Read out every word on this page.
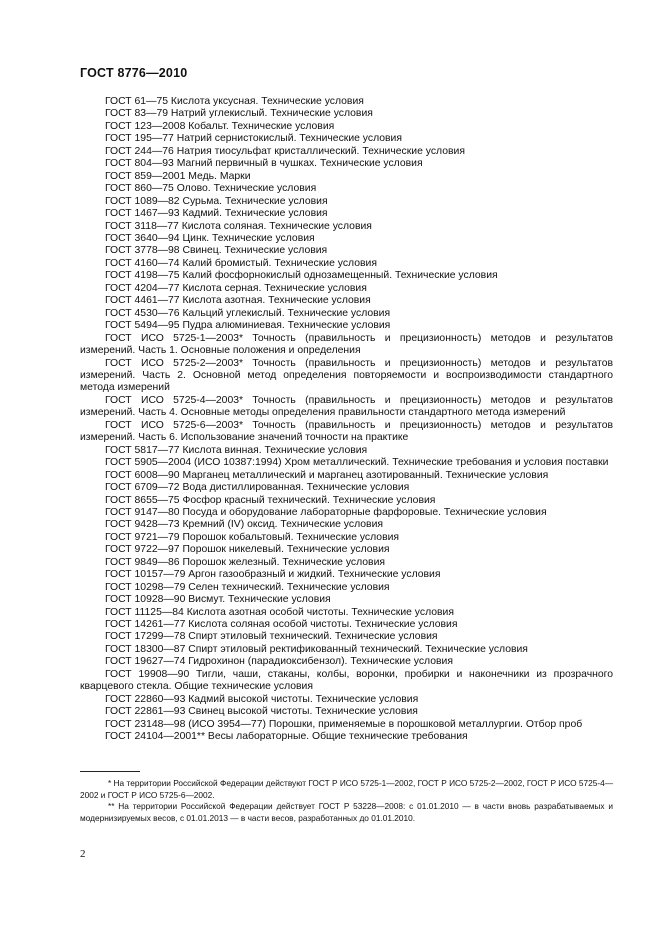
ГОСТ 8776—2010

ГОСТ 61—75 Кислота уксусная. Технические условия

ГОСТ 83—79 Натрий углекислый. Технические условия

ГОСТ 123—2008 Кобальт. Технические условия

ГОСТ 195—77 Натрий сернистокислый. Технические условия

ГОСТ 244—76 Натрия тиосульфат кристаллический. Технические условия

ГОСТ 804—93 Магний первичный в чушках. Технические условия

ГОСТ 859—2001 Медь. Марки

ГОСТ 860—75 Олово. Технические условия

ГОСТ 1089—82 Сурьма. Технические условия

ГОСТ 1467—93 Кадмий. Технические условия

ГОСТ 3118—77 Кислота соляная. Технические условия

ГОСТ 3640—94 Цинк. Технические условия

ГОСТ 3778—98 Свинец. Технические условия

ГОСТ 4160—74 Калий бромистый. Технические условия

ГОСТ 4198—75 Калий фосфорнокислый однозамещенный. Технические условия

ГОСТ 4204—77 Кислота серная. Технические условия

ГОСТ 4461—77 Кислота азотная. Технические условия

ГОСТ 4530—76 Кальций углекислый. Технические условия

ГОСТ 5494—95 Пудра алюминиевая. Технические условия

ГОСТ ИСО 5725-1—2003* Точность (правильность и прецизионность) методов и результатов измерений. Часть 1. Основные положения и определения

ГОСТ ИСО 5725-2—2003* Точность (правильность и прецизионность) методов и результатов измерений. Часть 2. Основной метод определения повторяемости и воспроизводимости стандартного метода измерений

ГОСТ ИСО 5725-4—2003* Точность (правильность и прецизионность) методов и результатов измерений. Часть 4. Основные методы определения правильности стандартного метода измерений

ГОСТ ИСО 5725-6—2003* Точность (правильность и прецизионность) методов и результатов измерений. Часть 6. Использование значений точности на практике

ГОСТ 5817—77 Кислота винная. Технические условия

ГОСТ 5905—2004 (ИСО 10387:1994) Хром металлический. Технические требования и условия поставки

ГОСТ 6008—90 Марганец металлический и марганец азотированный. Технические условия

ГОСТ 6709—72 Вода дистиллированная. Технические условия

ГОСТ 8655—75 Фосфор красный технический. Технические условия

ГОСТ 9147—80 Посуда и оборудование лабораторные фарфоровые. Технические условия

ГОСТ 9428—73 Кремний (IV) оксид. Технические условия

ГОСТ 9721—79 Порошок кобальтовый. Технические условия

ГОСТ 9722—97 Порошок никелевый. Технические условия

ГОСТ 9849—86 Порошок железный. Технические условия

ГОСТ 10157—79 Аргон газообразный и жидкий. Технические условия

ГОСТ 10298—79 Селен технический. Технические условия

ГОСТ 10928—90 Висмут. Технические условия

ГОСТ 11125—84 Кислота азотная особой чистоты. Технические условия

ГОСТ 14261—77 Кислота соляная особой чистоты. Технические условия

ГОСТ 17299—78 Спирт этиловый технический. Технические условия

ГОСТ 18300—87 Спирт этиловый ректификованный технический. Технические условия

ГОСТ 19627—74 Гидрохинон (парадиоксибензол). Технические условия

ГОСТ 19908—90 Тигли, чаши, стаканы, колбы, воронки, пробирки и наконечники из прозрачного кварцевого стекла. Общие технические условия

ГОСТ 22860—93 Кадмий высокой чистоты. Технические условия

ГОСТ 22861—93 Свинец высокой чистоты. Технические условия

ГОСТ 23148—98 (ИСО 3954—77) Порошки, применяемые в порошковой металлургии. Отбор проб

ГОСТ 24104—2001** Весы лабораторные. Общие технические требования

* На территории Российской Федерации действуют ГОСТ Р ИСО 5725-1—2002, ГОСТ Р ИСО 5725-2—2002, ГОСТ Р ИСО 5725-4—2002 и ГОСТ Р ИСО 5725-6—2002.

** На территории Российской Федерации действует ГОСТ Р 53228—2008: с 01.01.2010 — в части вновь разрабатываемых и модернизируемых весов, с 01.01.2013 — в части весов, разработанных до 01.01.2010.

2
